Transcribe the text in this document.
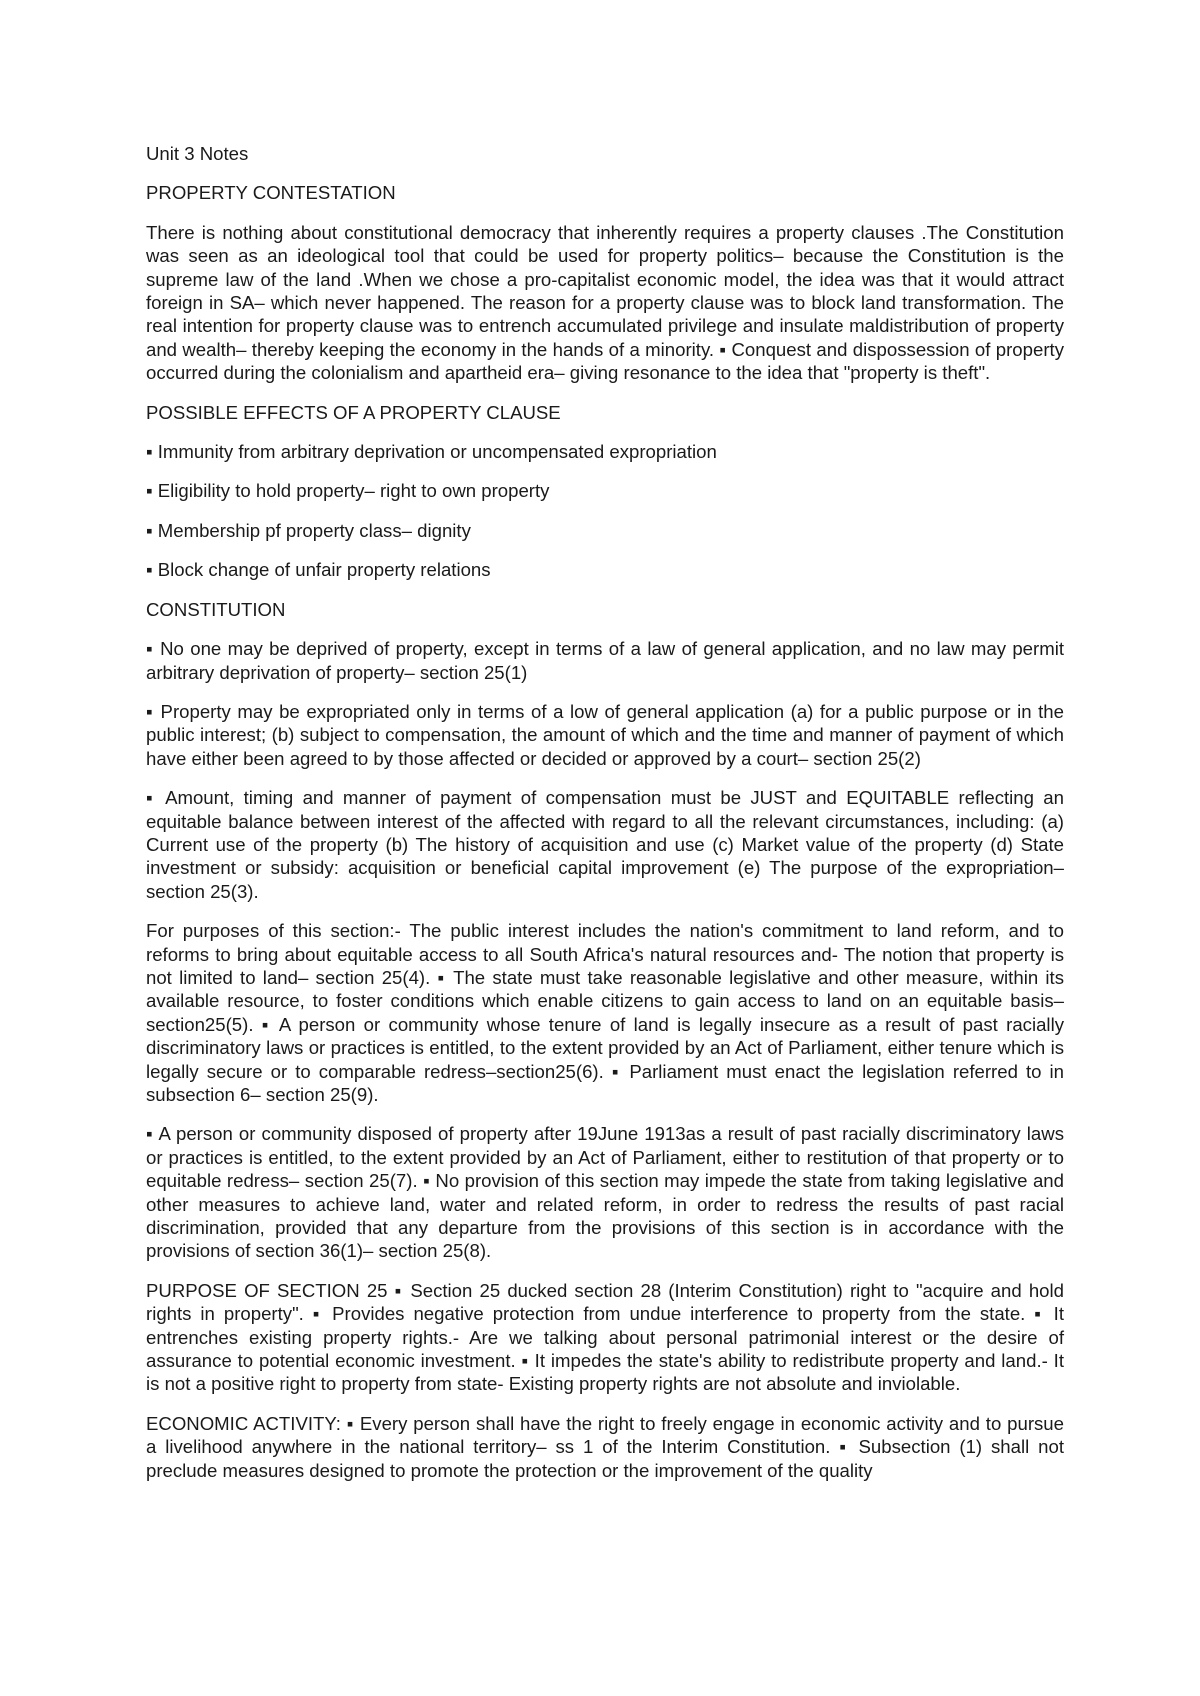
Unit 3 Notes

PROPERTY CONTESTATION

There is nothing about constitutional democracy that inherently requires a property clauses .The Constitution was seen as an ideological tool that could be used for property politics– because the Constitution is the supreme law of the land .When we chose a pro-capitalist economic model, the idea was that it would attract foreign in SA– which never happened. The reason for a property clause was to block land transformation. The real intention for property clause was to entrench accumulated privilege and insulate maldistribution of property and wealth– thereby keeping the economy in the hands of a minority. ▪ Conquest and dispossession of property occurred during the colonialism and apartheid era– giving resonance to the idea that "property is theft".

POSSIBLE EFFECTS OF A PROPERTY CLAUSE

▪ Immunity from arbitrary deprivation or uncompensated expropriation

▪ Eligibility to hold property– right to own property

▪ Membership pf property class– dignity

▪ Block change of unfair property relations

CONSTITUTION

▪ No one may be deprived of property, except in terms of a law of general application, and no law may permit arbitrary deprivation of property– section 25(1)

▪ Property may be expropriated only in terms of a low of general application (a) for a public purpose or in the public interest; (b) subject to compensation, the amount of which and the time and manner of payment of which have either been agreed to by those affected or decided or approved by a court– section 25(2)

▪ Amount, timing and manner of payment of compensation must be JUST and EQUITABLE reflecting an equitable balance between interest of the affected with regard to all the relevant circumstances, including: (a) Current use of the property (b) The history of acquisition and use (c) Market value of the property (d) State investment or subsidy: acquisition or beneficial capital improvement (e) The purpose of the expropriation– section 25(3).

For purposes of this section:- The public interest includes the nation's commitment to land reform, and to reforms to bring about equitable access to all South Africa's natural resources and- The notion that property is not limited to land– section 25(4). ▪ The state must take reasonable legislative and other measure, within its available resource, to foster conditions which enable citizens to gain access to land on an equitable basis–section25(5). ▪ A person or community whose tenure of land is legally insecure as a result of past racially discriminatory laws or practices is entitled, to the extent provided by an Act of Parliament, either tenure which is legally secure or to comparable redress–section25(6). ▪ Parliament must enact the legislation referred to in subsection 6– section 25(9).

▪ A person or community disposed of property after 19June 1913as a result of past racially discriminatory laws or practices is entitled, to the extent provided by an Act of Parliament, either to restitution of that property or to equitable redress– section 25(7). ▪ No provision of this section may impede the state from taking legislative and other measures to achieve land, water and related reform, in order to redress the results of past racial discrimination, provided that any departure from the provisions of this section is in accordance with the provisions of section 36(1)– section 25(8).

PURPOSE OF SECTION 25 ▪ Section 25 ducked section 28 (Interim Constitution) right to "acquire and hold rights in property". ▪ Provides negative protection from undue interference to property from the state. ▪ It entrenches existing property rights.- Are we talking about personal patrimonial interest or the desire of assurance to potential economic investment. ▪ It impedes the state's ability to redistribute property and land.- It is not a positive right to property from state- Existing property rights are not absolute and inviolable.

ECONOMIC ACTIVITY: ▪ Every person shall have the right to freely engage in economic activity and to pursue a livelihood anywhere in the national territory– ss 1 of the Interim Constitution. ▪ Subsection (1) shall not preclude measures designed to promote the protection or the improvement of the quality
